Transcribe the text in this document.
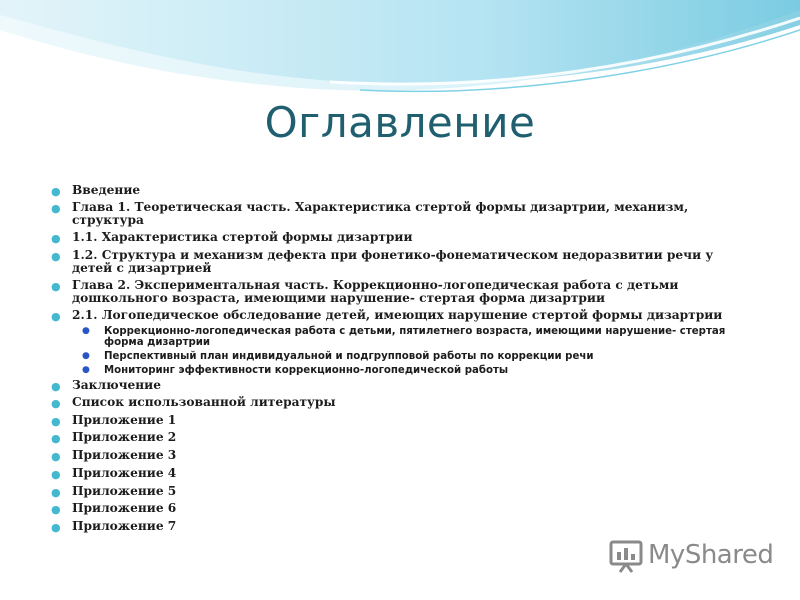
Оглавление
● Введение
● Глава 1. Теоретическая часть. Характеристика стертой формы дизартрии, механизм, структура
● 1.1. Характеристика стертой формы дизартрии
● 1.2. Структура и механизм дефекта при фонетико-фонематическом недоразвитии речи у детей с дизартрией
● Глава 2. Экспериментальная часть. Коррекционно-логопедическая работа с детьми дошкольного возраста, имеющими нарушение- стертая форма дизартрии
● 2.1. Логопедическое обследование детей, имеющих нарушение стертой формы дизартрии
● Коррекционно-логопедическая работа с детьми, пятилетнего возраста, имеющими нарушение- стертая форма дизартрии
● Перспективный план индивидуальной и подгрупповой работы по коррекции речи
● Мониторинг эффективности коррекционно-логопедической работы
● Заключение
● Список использованной литературы
● Приложение 1
● Приложение 2
● Приложение 3
● Приложение 4
● Приложение 5
● Приложение 6
● Приложение 7
MyShared
